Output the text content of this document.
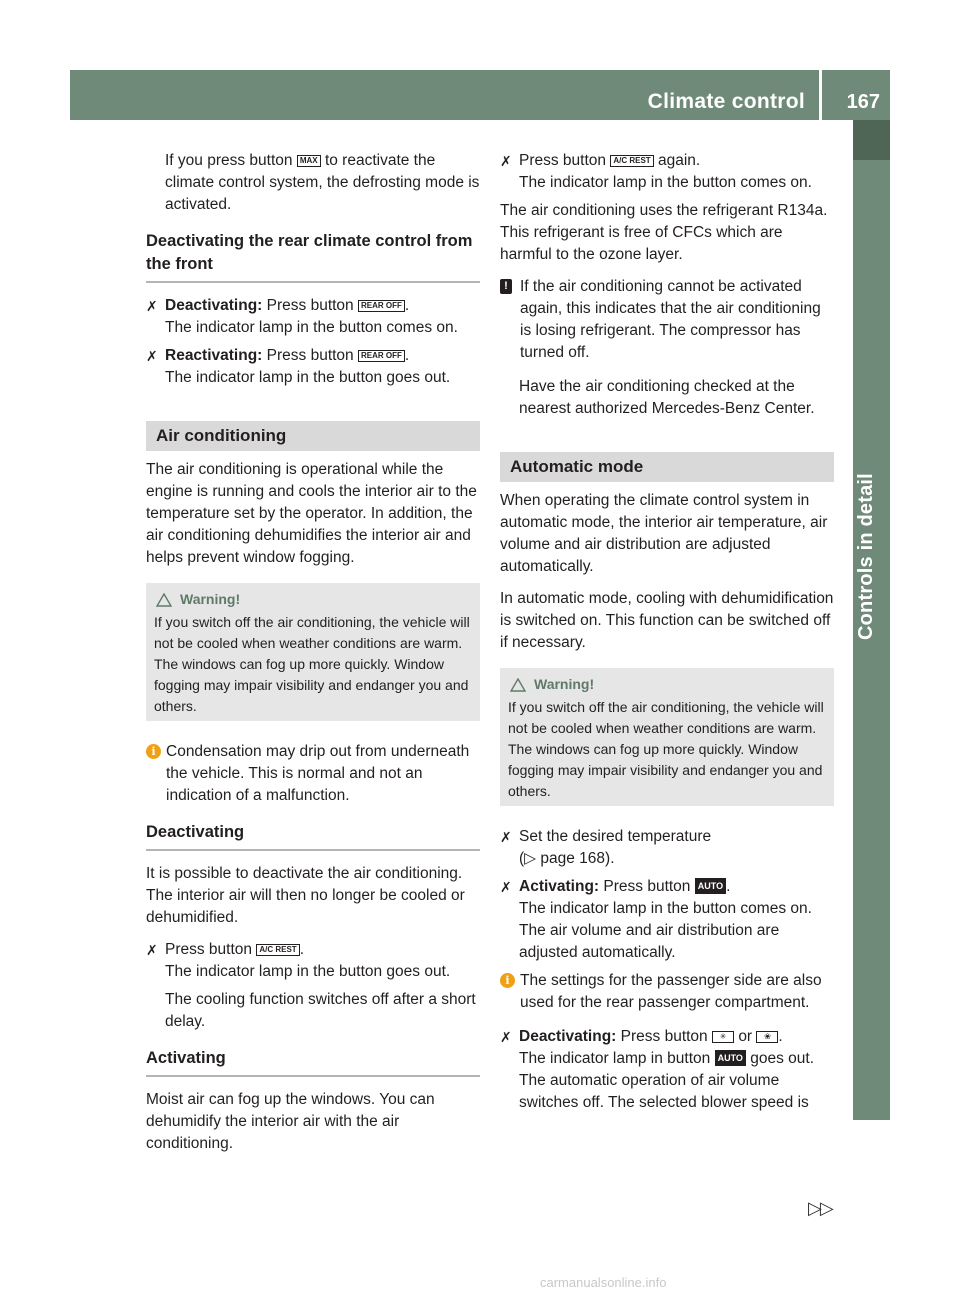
Climate control	167
Controls in detail

If you press button MAX to reactivate the climate control system, the defrosting mode is activated.

Deactivating the rear climate control from the front
✗ Deactivating: Press button REAR OFF .
The indicator lamp in the button comes on.
✗ Reactivating: Press button REAR OFF .
The indicator lamp in the button goes out.
Air conditioning

The air conditioning is operational while the engine is running and cools the interior air to the temperature set by the operator. In addition, the air conditioning dehumidifies the interior air and helps prevent window fogging.

Warning!
If you switch off the air conditioning, the vehicle will not be cooled when weather conditions are warm. The windows can fog up more quickly. Window fogging may impair visibility and endanger you and others.
i Condensation may drip out from underneath the vehicle. This is normal and not an indication of a malfunction.
Deactivating

It is possible to deactivate the air conditioning. The interior air will then no longer be cooled or dehumidified.

✗ Press button A/C REST .
The indicator lamp in the button goes out.

The cooling function switches off after a short delay.

Activating

Moist air can fog up the windows. You can dehumidify the interior air with the air conditioning.

✗ Press button A/C REST again.
The indicator lamp in the button comes on.

The air conditioning uses the refrigerant R134a. This refrigerant is free of CFCs which are harmful to the ozone layer.

! If the air conditioning cannot be activated again, this indicates that the air conditioning is losing refrigerant. The compressor has turned off.

Have the air conditioning checked at the nearest authorized Mercedes-Benz Center.

Automatic mode

When operating the climate control system in automatic mode, the interior air temperature, air volume and air distribution are adjusted automatically.

In automatic mode, cooling with dehumidification is switched on. This function can be switched off if necessary.

Warning!
If you switch off the air conditioning, the vehicle will not be cooled when weather conditions are warm. The windows can fog up more quickly. Window fogging may impair visibility and endanger you and others.
✗ Set the desired temperature
(▷ page 168).
✗ Activating: Press button AUTO .
The indicator lamp in the button comes on. The air volume and air distribution are adjusted automatically.
i The settings for the passenger side are also used for the rear passenger compartment.
✗ Deactivating: Press button ✳ or ❀ .
The indicator lamp in button AUTO goes out.
The automatic operation of air volume switches off. The selected blower speed is
▷▷
carmanualsonline.info
